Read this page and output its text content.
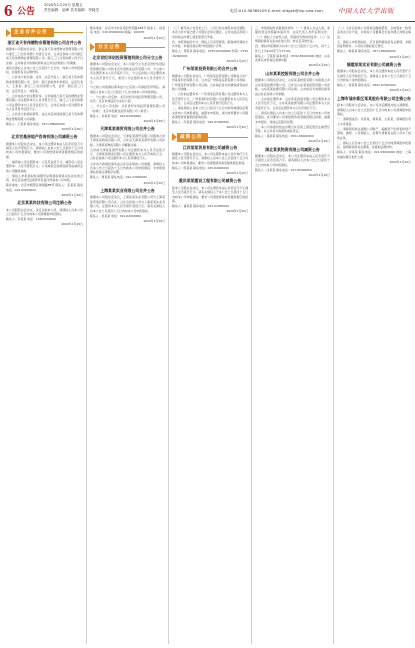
6 公告
2020年1月20日 星期五
责任编辑：赵峰 美术编辑：李晓龙	电话:010-56369109 E-mail: zhtgzk@vip.sina.com 中国人民大学出版
企业合并公告
浙江省天有伟德物业管理有限公司合并公告

根据本公司股东会决议，浙江省天有伟德物业管理有限公司与浙江三门北有伟德公司进行合并，合并后存续公司为浙江省天有伟德物业管理有限公司，浙江三门北有伟德公司予以注销。合并前各方的债权债务由合并后存续的公司承继。

请有关债权人自本公告之日起四十五日内，向本公司申报债权，并提供有关证明材料。

一、合并各方的名称、住所、法定代表人：浙江省天有伟德物业管理有限公司，住所：浙江省杭州市余杭区，法定代表人：王某某。浙江三门北有伟德公司，住所：浙江省三门县，法定代表人：刘某某。

二、合并前各方的注册资本：合并前浙江省天有伟德物业管理有限公司注册资本为人民币壹仟万元，浙江三门北有伟德公司注册资本为人民币伍佰万元，合并后存续公司注册资本为人民币壹仟伍佰万元。

三、合并各方的债权债务，由合并后存续的浙江省天有伟德物业管理有限公司承继。

联系人：王某某 联系电话：0571-88000000

2020年1月20日
北京宏基房地产咨询有限公司减资公告

根据本公司股东会决议，本公司注册资本由人民币伍佰万元减至人民币壹佰万元。请债权人自本公告之日起四十五日内向本公司申报债权，要求公司清偿债务或者提供相应的担保。

一、减资前公司注册资本：人民币伍佰万元；减资后公司注册资本：人民币壹佰万元。公司减资后的债权债务由减资后的公司继续承担。

二、债权人申报债权时请携带证明债权债务关系存在的合同、协议及其他凭证的原件及复印件到本公司申报。

联系地址：北京市朝阳区建国路88号 联系人：张某某 联系电话：010-65000000

2020年1月20日
北京某某科技有限公司注销公告

本公司经股东会决议，决定注销本公司，请债权人自本公告之日起四十五日内向本公司清算组申报债权。

联系人：李某某 电话：13800000000

2020年1月20日

联系地址：北京市丰台区南四环西路188号 联系人：赵某某 电话：010-83000000 邮编：100070

2020年1月20日
分立公告
北京世纪华创投资管理有限公司分立公告

根据本公司股东会决议，本公司拟分立为北京世纪华创投资管理有限公司和北京华创新业投资有限公司。分立前公司注册资本为人民币贰仟万元，分立后存续公司注册资本为人民币壹仟万元，新设公司注册资本为人民币壹仟万元。

分立前公司的债权债务由分立后的公司承担连带责任。请债权人自本公告之日起四十五日内向本公司申报债权。

一、分立前公司名称：北京世纪华创投资管理有限公司，住所：北京市海淀区中关村大街。

二、分立后公司名称：北京世纪华创投资管理有限公司（存续），北京华创新业投资有限公司（新设）。

联系人：孙某某 电话：010-62000000

2020年1月20日
天津某某商贸有限公司合并公告

根据本公司股东会决议，天津某某商贸有限公司吸收合并天津某某物流有限公司，合并后天津某某商贸有限公司存续，天津某某物流有限公司解散注销。

合并前天津某某商贸有限公司注册资本为人民币伍佰万元，天津某某物流有限公司注册资本为人民币叁佰万元，合并后存续公司注册资本为人民币捌佰万元。

合并各方的债权债务由合并后存续的公司承继，请债权人自本公告之日起四十五日内向本公司申报债权，未申报的债权将按法律程序处理。

联系人：周某某 联系电话：022-23000000

2020年1月20日
上海某某实业有限公司合并公告

根据本公司股东会决议，上海某某实业有限公司与上海某某贸易有限公司合并，合并后存续公司为上海某某实业有限公司，注册资本为人民币壹仟贰佰万元。请有关债权人自本公告之日起四十五日内向本公司申报债权。

联系人：吴某某 电话：021-64000000

2020年1月20日

（三）截至本公告发布之日，公司已向全体股东发出通知，本次合并方案已经公司股东会审议通过。合并完成后存续公司将依法办理工商变更登记手续。

四、申报债权的方式：债权人可采用现场、邮寄或传真的方式申报，申报时请注明“申报债权”字样。

联系人：郑某某 联系电话：0755-82000000 传真：0755-82000001

2020年1月20日
广州某某投资有限公司合并公告

根据本公司股东会决议，广州某某投资有限公司吸收合并广州某某科技有限公司，合并后广州某某投资有限公司存续，广州某某科技有限公司注销。合并前后各方的债权债务由存续公司承继。

一、合并前注册资本：广州某某投资有限公司注册资本为人民币壹仟万元，广州某某科技有限公司注册资本为人民币伍佰万元。合并后注册资本为人民币壹仟伍佰万元。

二、请各债权人自本公告之日起四十五日内持有效债权证明文件向公司申报债权，逾期未申报的，视为放弃要求公司提前清偿或者提供担保的权利。

联系人：冯某某 联系电话：020-87000000

2020年1月20日
减资公告
江苏某某贸易有限公司减资公告

根据本公司股东会决议，本公司注册资本由人民币叁仟万元减至人民币壹仟万元。请债权人自本公告之日起四十五日内向本公司申报债权，要求公司清偿债务或者提供相应担保。

联系人：陈某某 联系电话：025-84000000

2020年1月20日
重庆某某建设工程有限公司减资公告

经本公司股东会决议，本公司注册资本由人民币伍仟万元减至人民币贰仟万元。请有关债权人于本公告之日起四十五日内向本公司申报债权，要求公司清偿债务或者提供相应的担保。

联系人：褚某某 联系电话：023-63000000

2020年1月20日

三、申报债权时需提供的材料：（一）债权人为法人的，需提供营业执照副本复印件、法定代表人身份证明文件；（二）债权人为自然人的，需提供有效身份证件；（三）证明债权债务关系存在的合同、协议及其他凭证。

四、债权申报期间为自本公告之日起四十五日内，每个工作日上午9:00至下午17:00。

联系人：卫某某 联系电话：0532-85000000 地址：山东省青岛市市南区香港中路

2020年1月20日
山东某某控股有限公司合并公告

根据本公司股东会决议，山东某某控股有限公司吸收合并山东某某能源有限公司。合并后山东某某控股有限公司存续，山东某某能源有限公司注销。合并前双方的债权债务由合并后存续公司承继。

一、合并前注册资本：山东某某控股有限公司注册资本为人民币伍仟万元，山东某某能源有限公司注册资本为人民币贰仟万元。合并后注册资本为人民币柒仟万元。

二、请各位债权人自本公告之日起四十五日内向本公司申报债权，并可要求公司清偿债务或者提供相应担保。逾期未申报的，将按法定程序处理。

三、本公司承诺将依法办理合并后的工商变更及注销登记手续，对合并各方的债务承担责任。

联系人：蒋某某 联系电话：0531-86000000

2020年1月20日
湖北某某物资有限公司减资公告

根据本公司股东会决议，本公司注册资本由人民币贰仟万元减至人民币伍佰万元。请各债权人自本公告之日起四十五日内向本公司申报债权。

联系人：沈某某 联系电话：027-85000000

2020年1月20日

（二）合并后存续公司将依法继续经营，全体股东一致同意本次合并方案，并授权公司董事会全权办理合并相关事宜。

五、债权人申报债权时，应当说明债权的有关事项，并提供证明材料。公司将对债权进行登记。

联系人：韩某某 联系电话：0571-86000000

2020年1月20日
福建某某实业有限公司减资公告

根据本公司股东会决议，本公司注册资本由人民币壹仟万元减至人民币叁佰万元。请债权人自本公告之日起四十五日内向本公司申报债权。

联系人：杨某某 联系电话：0591-87000000

2020年1月20日
上海市浦东新区某某股份有限公司注销公告

经本公司股东大会决议，本公司决定解散并成立清算组，请债权人自本公告之日起四十五日内向本公司清算组申报债权。

一、清算组成员：朱某某、秦某某、尤某某，清算组负责人为朱某某。

二、清算组将依法清理公司财产，编制资产负债表和财产清单，通知、公告债权人，处理与清算有关的公司未了结的业务。

三、债权人应自本公告之日起四十五日内向清算组申报债权，说明债权的有关事项，并提供证明材料。

联系人：许某某 联系电话：021-58000000 地址：上海市浦东新区世纪大道

2020年1月20日
